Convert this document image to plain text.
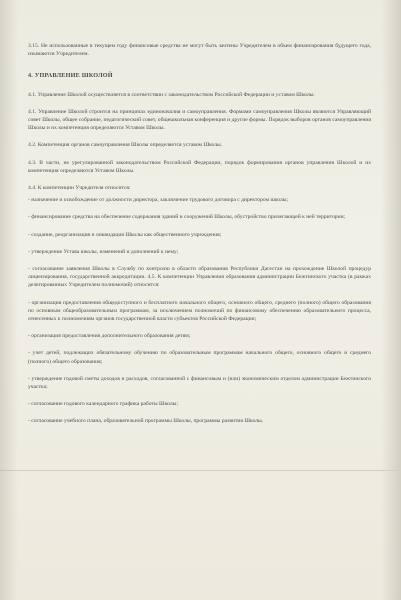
3.15. Не использованные в текущем году финансовые средства не могут быть зачтены Учредителем в объем финансирования будущего года, изымаются Учредителем.

4. УПРАВЛЕНИЕ ШКОЛОЙ

4.1. Управление Школой осуществляется в соответствии с законодательством Российской Федерации и уставом Школы.

4.1. Управление Школой строится на принципах единоначалия и самоуправления. Формами самоуправления Школы являются Управляющий совет Школы, общее собрание, педагогический совет, общешкольная конференция и другие формы. Порядок выборов органов самоуправления Школы и их компетенция определяются Уставом Школы.

4.2. Компетенция органов самоуправления Школы определяется уставом Школы.

4.3. В части, не урегулированной законодательством Российской Федерации, порядок формирования органов управления Школой и их компетенция определяются Уставом Школы.

4.4. К компетенции Учредителя относится:

- назначение и освобождение от должности директора, заключение трудового договора с директором школы;

- финансирование средства на обеспечение содержания зданий и сооружений Школы, обустройство прилегающей к ней территории;

- создание, реорганизация и ликвидация Школы как общественного учреждения;

- утверждение Устава школы, изменений и дополнений к нему;

- согласование заявления Школы в Службу по контролю в области образования Республики Дагестан на прохождение Школой процедур лицензирования, государственной аккредитации. 4.5. К компетенции Управления образования администрации Бежтинского участка (в рамках делегированных Учредителем полномочий) относится:

- организация предоставления общедоступного и бесплатного начального общего, основного общего, среднего (полного) общего образования по основным общеобразовательным программам, за исключением полномочий по финансовому обеспечению образовательного процесса, отнесенных к полномочиям органов государственной власти субъектов Российской Федерации;

- организация предоставления дополнительного образования детям;

- учет детей, подлежащих обязательному обучению по образовательным программам начального общего, основного общего и среднего (полного) общего образования;

- утверждение годовой сметы доходов и расходов, согласованной с финансовым и (или) экономическим отделом администрации Бежтинского участка;

- согласование годового календарного графика работы Школы;

- согласование учебного плана, образовательной программы Школы, программы развития Школы.
